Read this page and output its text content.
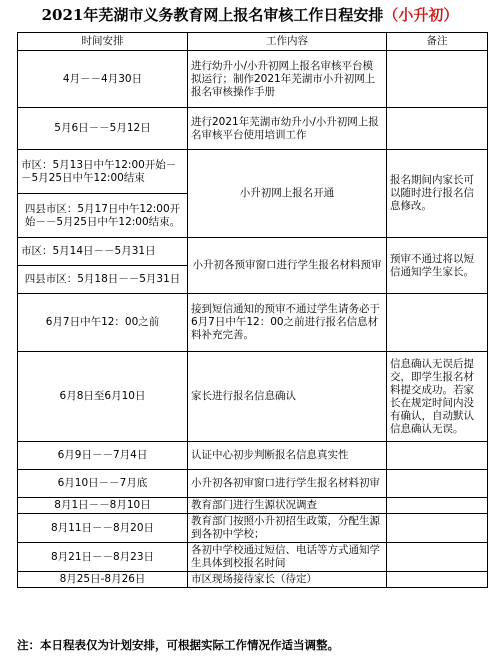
2021年芜湖市义务教育网上报名审核工作日程安排（小升初）
时间安排	工作内容	备注
4月－－4月30日	进行幼升小/小升初网上报名审核平台模拟运行；制作2021年芜湖市小升初网上报名审核操作手册	
5月6日－－5月12日	进行2021年芜湖市幼升小/小升初网上报名审核平台使用培训工作	
市区：5月13日中午12:00开始－－5月25日中午12:00结束	小升初网上报名开通	报名期间内家长可以随时进行报名信息修改。
四县市区：5月17日中午12:00开始－－5月25日中午12:00结束。		
市区：5月14日－－5月31日	小升初各预审窗口进行学生报名材料预审	预审不通过将以短信通知学生家长。
四县市区：5月18日－－5月31日		
6月7日中午12：00之前	接到短信通知的预审不通过学生请务必于6月7日中午12：00之前进行报名信息材料补充完善。	
6月8日至6月10日	家长进行报名信息确认	信息确认无误后提交，即学生报名材料提交成功。若家长在规定时间内没有确认，自动默认信息确认无误。
6月9日－－7月4日	认证中心初步判断报名信息真实性	
6月10日－－7月底	小升初各初审窗口进行学生报名材料初审	
8月1日－－8月10日	教育部门进行生源状况调查	
8月11日－－8月20日	教育部门按照小升初招生政策，分配生源到各初中学校；	
8月21日－－8月23日	各初中学校通过短信、电话等方式通知学生具体到校报名时间	
8月25日-8月26日	市区现场接待家长（待定）	
注：本日程表仅为计划安排，可根据实际工作情况作适当调整。
